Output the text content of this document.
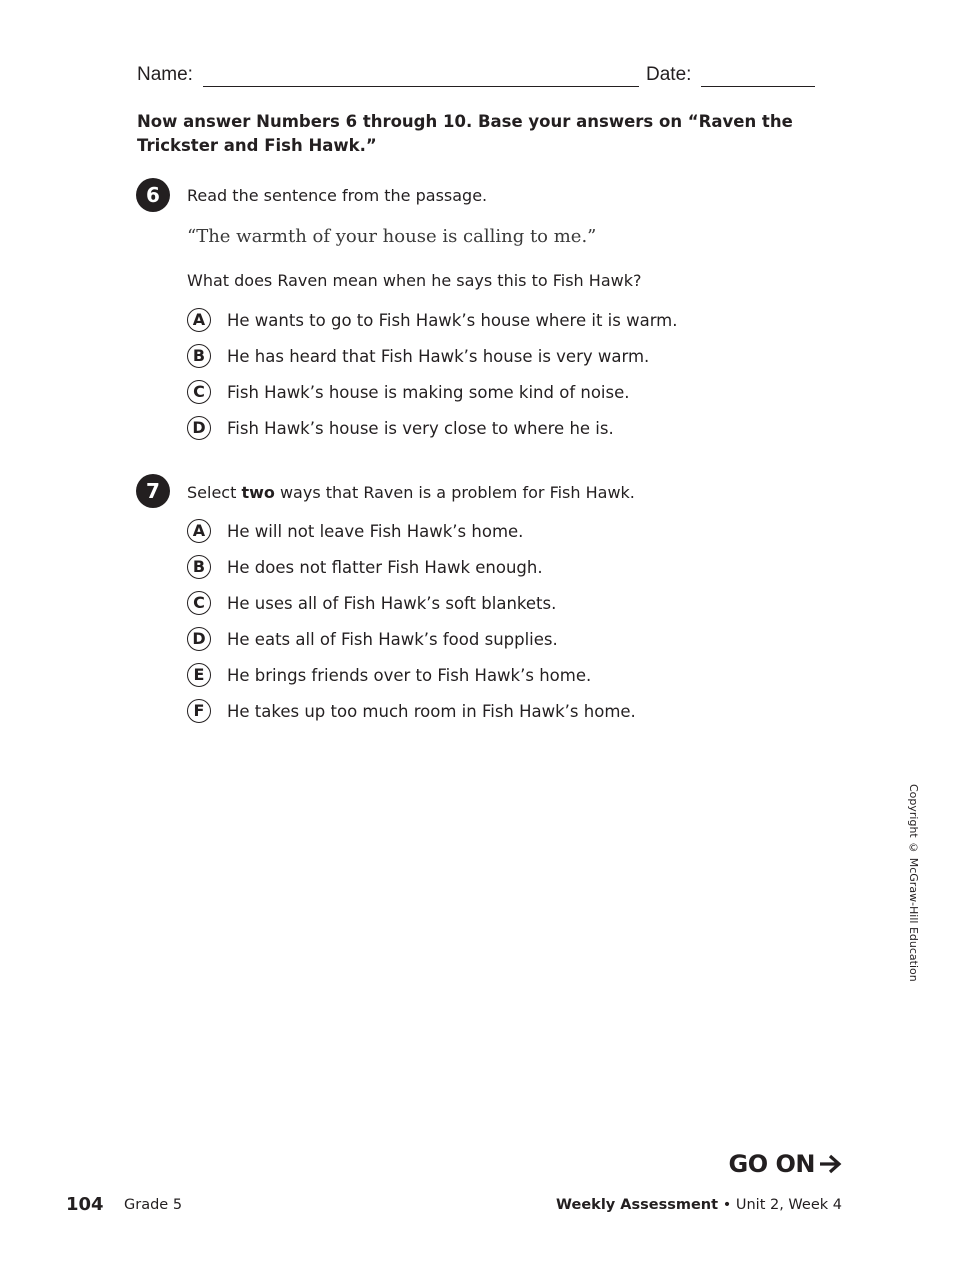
Name:	Date:
Now answer Numbers 6 through 10. Base your answers on “Raven the Trickster and Fish Hawk.”
6	Read the sentence from the passage.
“The warmth of your house is calling to me.”
What does Raven mean when he says this to Fish Hawk?
A	He wants to go to Fish Hawk’s house where it is warm.
B	He has heard that Fish Hawk’s house is very warm.
C	Fish Hawk’s house is making some kind of noise.
D	Fish Hawk’s house is very close to where he is.
7	Select two ways that Raven is a problem for Fish Hawk.
A	He will not leave Fish Hawk’s home.
B	He does not flatter Fish Hawk enough.
C	He uses all of Fish Hawk’s soft blankets.
D	He eats all of Fish Hawk’s food supplies.
E	He brings friends over to Fish Hawk’s home.
F	He takes up too much room in Fish Hawk’s home.
Copyright © McGraw-Hill Education
GO ON
104 Grade 5	Weekly Assessment • Unit 2, Week 4
